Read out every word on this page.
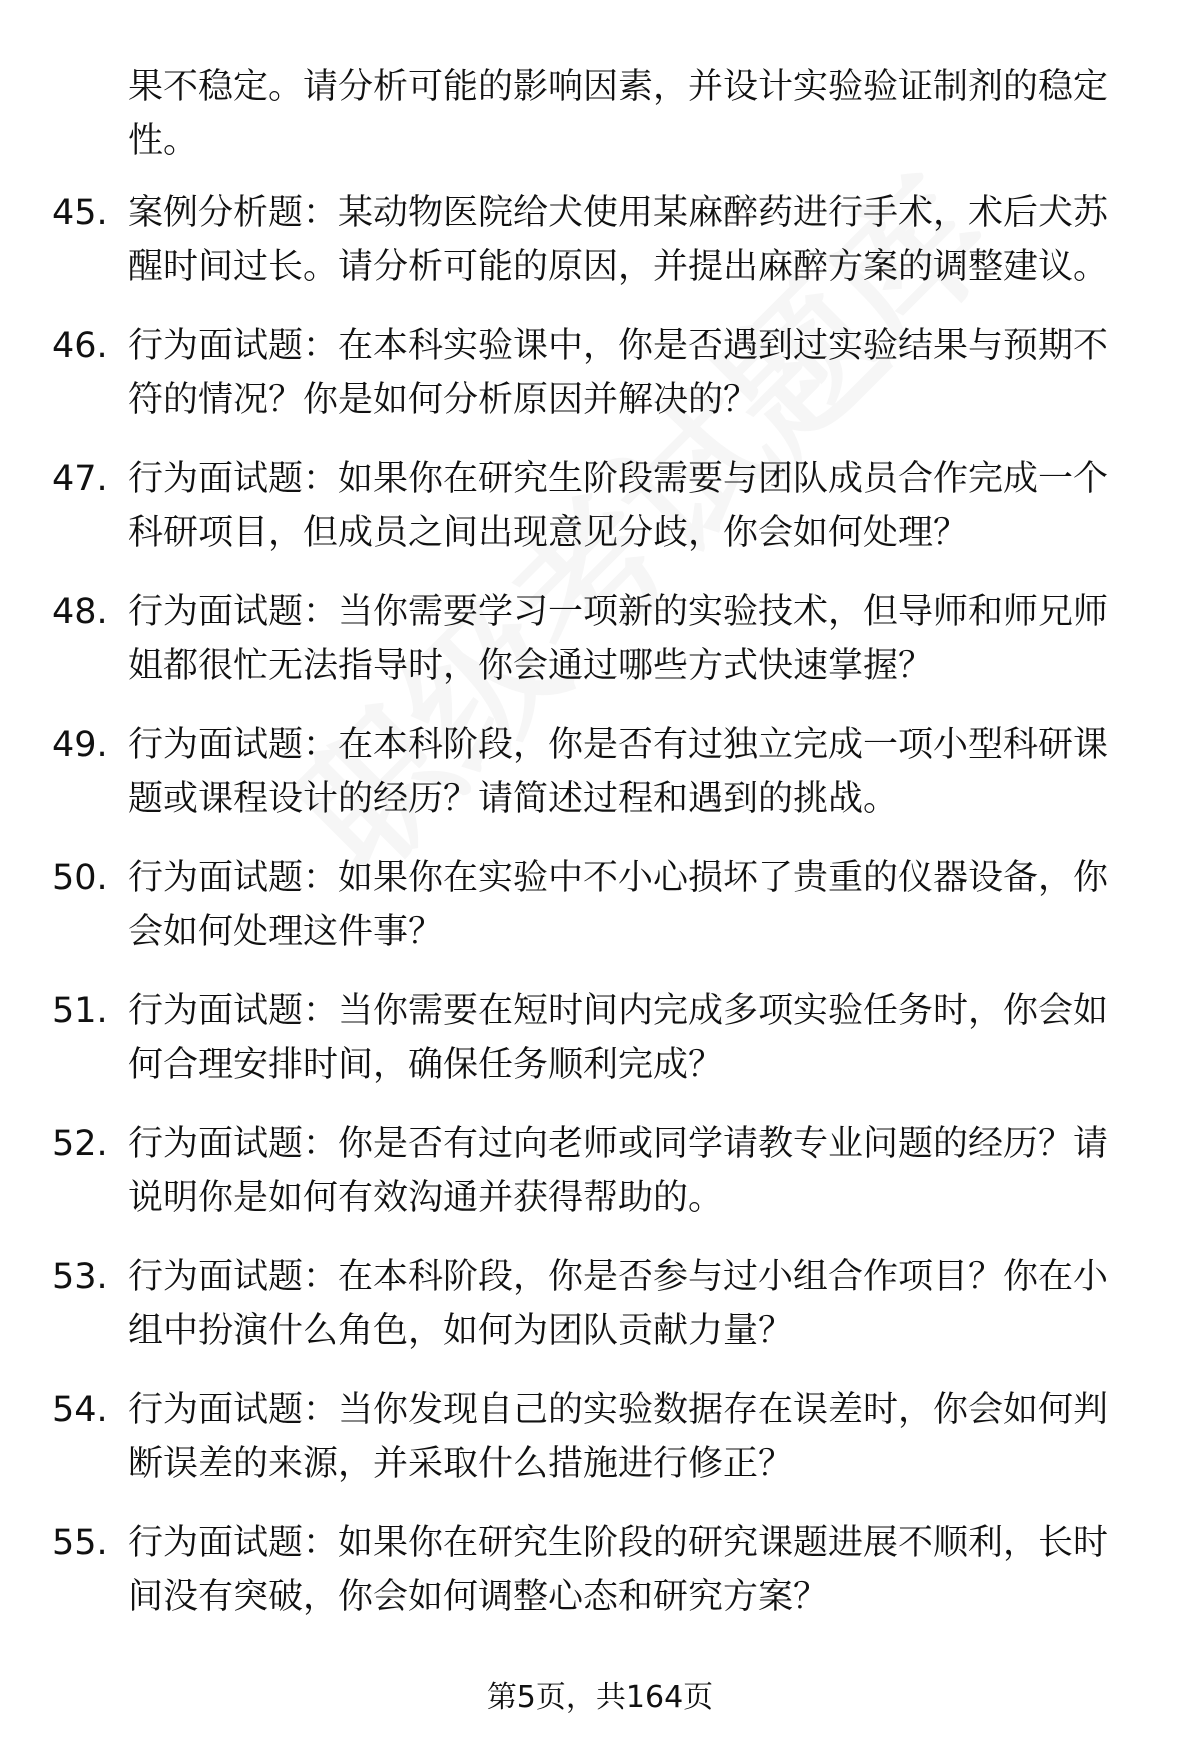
果不稳定。请分析可能的影响因素，并设计实验验证制剂的稳定性。

45. 案例分析题：某动物医院给犬使用某麻醉药进行手术，术后犬苏醒时间过长。请分析可能的原因，并提出麻醉方案的调整建议。
46. 行为面试题：在本科实验课中，你是否遇到过实验结果与预期不符的情况？你是如何分析原因并解决的？
47. 行为面试题：如果你在研究生阶段需要与团队成员合作完成一个科研项目，但成员之间出现意见分歧，你会如何处理？
48. 行为面试题：当你需要学习一项新的实验技术，但导师和师兄师姐都很忙无法指导时，你会通过哪些方式快速掌握？
49. 行为面试题：在本科阶段，你是否有过独立完成一项小型科研课题或课程设计的经历？请简述过程和遇到的挑战。
50. 行为面试题：如果你在实验中不小心损坏了贵重的仪器设备，你会如何处理这件事？
51. 行为面试题：当你需要在短时间内完成多项实验任务时，你会如何合理安排时间，确保任务顺利完成？
52. 行为面试题：你是否有过向老师或同学请教专业问题的经历？请说明你是如何有效沟通并获得帮助的。
53. 行为面试题：在本科阶段，你是否参与过小组合作项目？你在小组中扮演什么角色，如何为团队贡献力量？
54. 行为面试题：当你发现自己的实验数据存在误差时，你会如何判断误差的来源，并采取什么措施进行修正？
55. 行为面试题：如果你在研究生阶段的研究课题进展不顺利，长时间没有突破，你会如何调整心态和研究方案？
第5页，共164页
